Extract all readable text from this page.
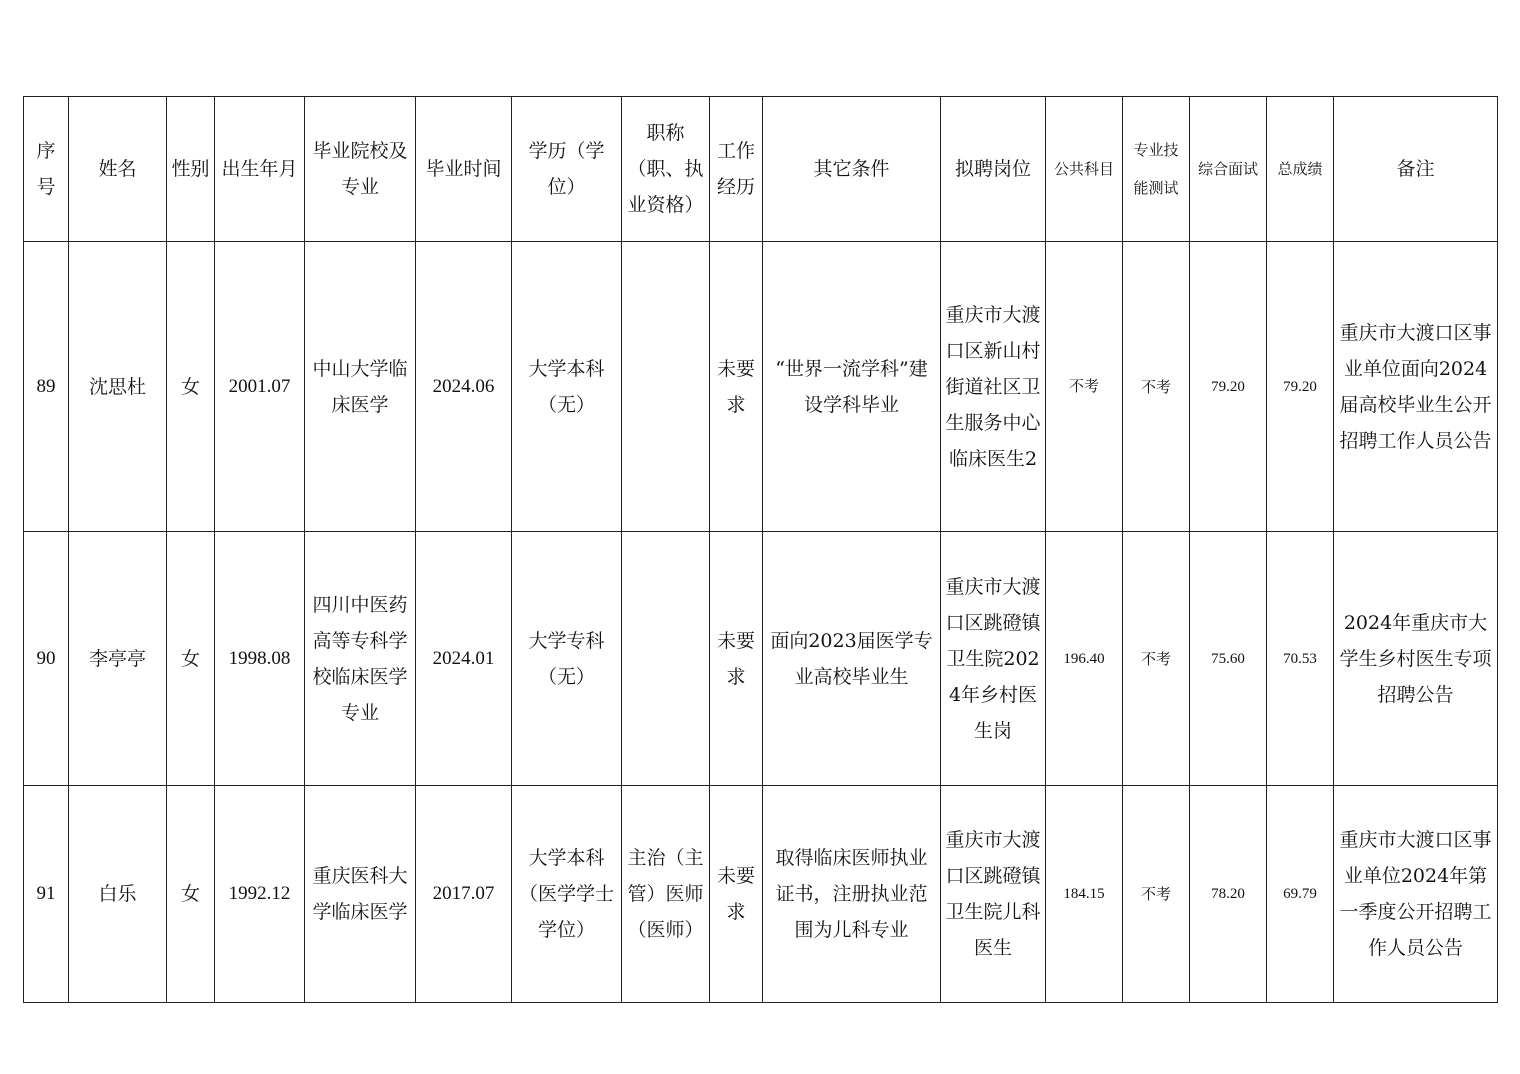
序号	姓名	性别	出生年月	毕业院校及专业	毕业时间	学历（学位）	职称（职、执业资格）	工作经历	其它条件	拟聘岗位	公共科目	专业技能测试	综合面试	总成绩	备注
89	沈思杜	女	2001.07	中山大学临床医学	2024.06	大学本科（无）		未要求	“世界一流学科”建设学科毕业	重庆市大渡口区新山村街道社区卫生服务中心临床医生2	不考	不考	79.20	79.20	重庆市大渡口区事业单位面向2024届高校毕业生公开招聘工作人员公告
90	李亭亭	女	1998.08	四川中医药高等专科学校临床医学专业	2024.01	大学专科（无）		未要求	面向2023届医学专业高校毕业生	重庆市大渡口区跳磴镇卫生院2024年乡村医生岗	196.40	不考	75.60	70.53	2024年重庆市大学生乡村医生专项招聘公告
91	白乐	女	1992.12	重庆医科大学临床医学	2017.07	大学本科（医学学士学位）	主治（主管）医师（医师）	未要求	取得临床医师执业证书，注册执业范围为儿科专业	重庆市大渡口区跳磴镇卫生院儿科医生	184.15	不考	78.20	69.79	重庆市大渡口区事业单位2024年第一季度公开招聘工作人员公告
